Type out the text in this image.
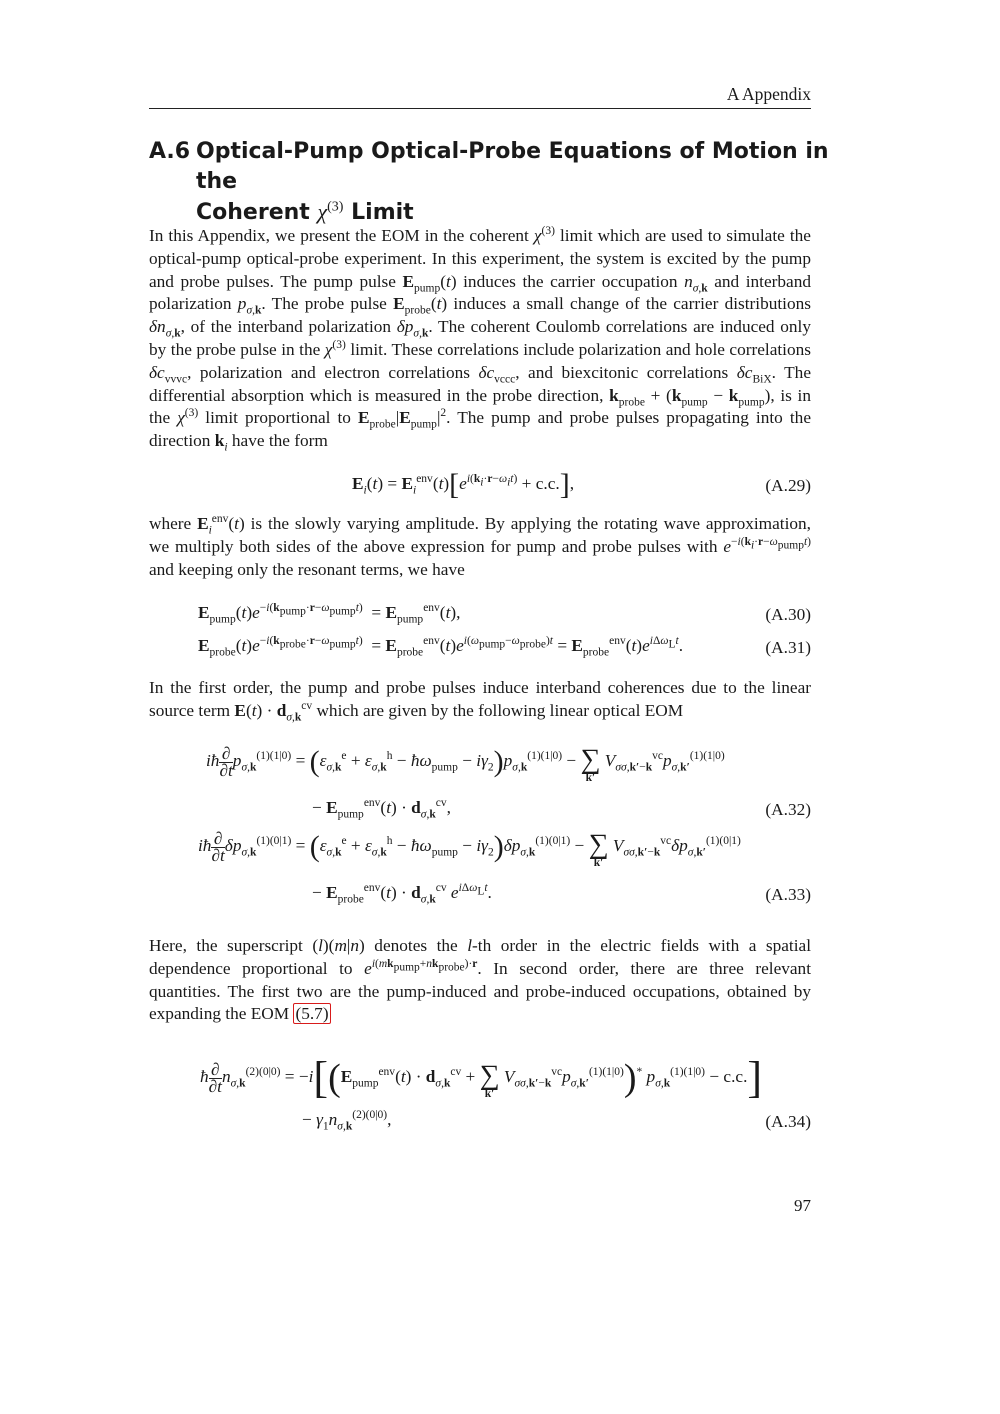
A Appendix
A.6 Optical-Pump Optical-Probe Equations of Motion in the
Coherent $\chi^{(3)}$ Limit

In this Appendix, we present the EOM in the coherent $\chi^{(3)}$ limit which are used to simulate the optical-pump optical-probe experiment. In this experiment, the system is excited by the pump and probe pulses. The pump pulse $E_{pump}(t)$ induces the carrier occupation $n_{\sigma,k}$ and interband polarization $p_{\sigma,k}$. The probe pulse $E_{probe}(t)$ induces a small change of the carrier distributions $\delta n_{\sigma,k}$, of the interband polarization $\delta p_{\sigma,k}$. The coherent Coulomb correlations are induced only by the probe pulse in the $\chi^{(3)}$ limit. These correlations include polarization and hole correlations $\delta c_{vvvc}$, polarization and electron correlations $\delta c_{vccc}$, and biexcitonic correlations $\delta c_{BiX}$. The differential absorption which is measured in the probe direction, $k_{probe} + (k_{pump} - k_{pump})$, is in the $\chi^{(3)}$ limit proportional to $E_{probe}|E_{pump}|^2$. The pump and probe pulses propagating into the direction $k_i$ have the form

$E_i(t) = E_i^{env}(t)[e^{i(k_i\cdot r-\omega_it)} + c.c.]$,	(A.29)

where $E_i^{env}(t)$ is the slowly varying amplitude. By applying the rotating wave approximation, we multiply both sides of the above expression for pump and probe pulses with $e^{-i(k_i\cdot r-\omega_{pump}t)}$ and keeping only the resonant terms, we have

$E_{pump}(t)e^{-i(k_{pump}\cdot r-\omega_{pump}t)} = E_{pump}^{env}(t)$,	(A.30)
$E_{probe}(t)e^{-i(k_{probe}\cdot r-\omega_{pump}t)} = E_{probe}^{env}(t)e^{i(\omega_{pump}-\omega_{probe})t} = E_{probe}^{env}(t)e^{i\Delta\omega_Lt}$.	(A.31)

In the first order, the pump and probe pulses induce interband coherences due to the linear source term $E(t) \cdot d_{\sigma,k}^{cv}$ which are given by the following linear optical EOM

iħ $\frac{\partial}{\partial t} p_{\sigma,k}^{(1)(1|0)} = (\varepsilon_{\sigma,k}^e + \varepsilon_{\sigma,k}^h$ − $ħ\omega_{pump} - i\gamma_2)p_{\sigma,k}^{(1)(1|0)}$ − ∑
k′
$V_{\sigma\sigma,k'-k}^{vc}p_{\sigma,k'}^{(1)(1|0)}$
− $E_{pump}^{env}(t) \cdot d_{\sigma,k}^{cv}$,	(A.32)
iħ $\frac{\partial}{\partial t} \delta p_{\sigma,k}^{(1)(0|1)} = (\varepsilon_{\sigma,k}^e + \varepsilon_{\sigma,k}^h$ − $ħ\omega_{pump} - i\gamma_2)\delta p_{\sigma,k}^{(1)(0|1)}$ − ∑
k′
$V_{\sigma\sigma,k'-k}^{vc}\delta p_{\sigma,k'}^{(1)(0|1)}$
− $E_{probe}^{env}(t) \cdot d_{\sigma,k}^{cv}$ $e^{i\Delta\omega_Lt}$.	(A.33)

Here, the superscript (l)(m|n) denotes the l-th order in the electric fields with a spatial dependence proportional to $e^{i(mk_{pump}+nk_{probe})\cdot r}$. In second order, there are three relevant quantities. The first two are the pump-induced and probe-induced occupations, obtained by expanding the EOM (5.7)

ħ $\frac{\partial}{\partial t} n_{\sigma,k}^{(2)(0|0)} = -i[(E_{pump}^{env}(t) \cdot d_{\sigma,k}^{cv}$ + ∑
k′
$V_{\sigma\sigma,k'-k}^{vc}p_{\sigma,k'}^{(1)(1|0)})^*$ $p_{\sigma,k}^{(1)(1|0)} - c.c$.]
− $\gamma_1n_{\sigma,k}^{(2)(0|0)}$,	(A.34)
97
